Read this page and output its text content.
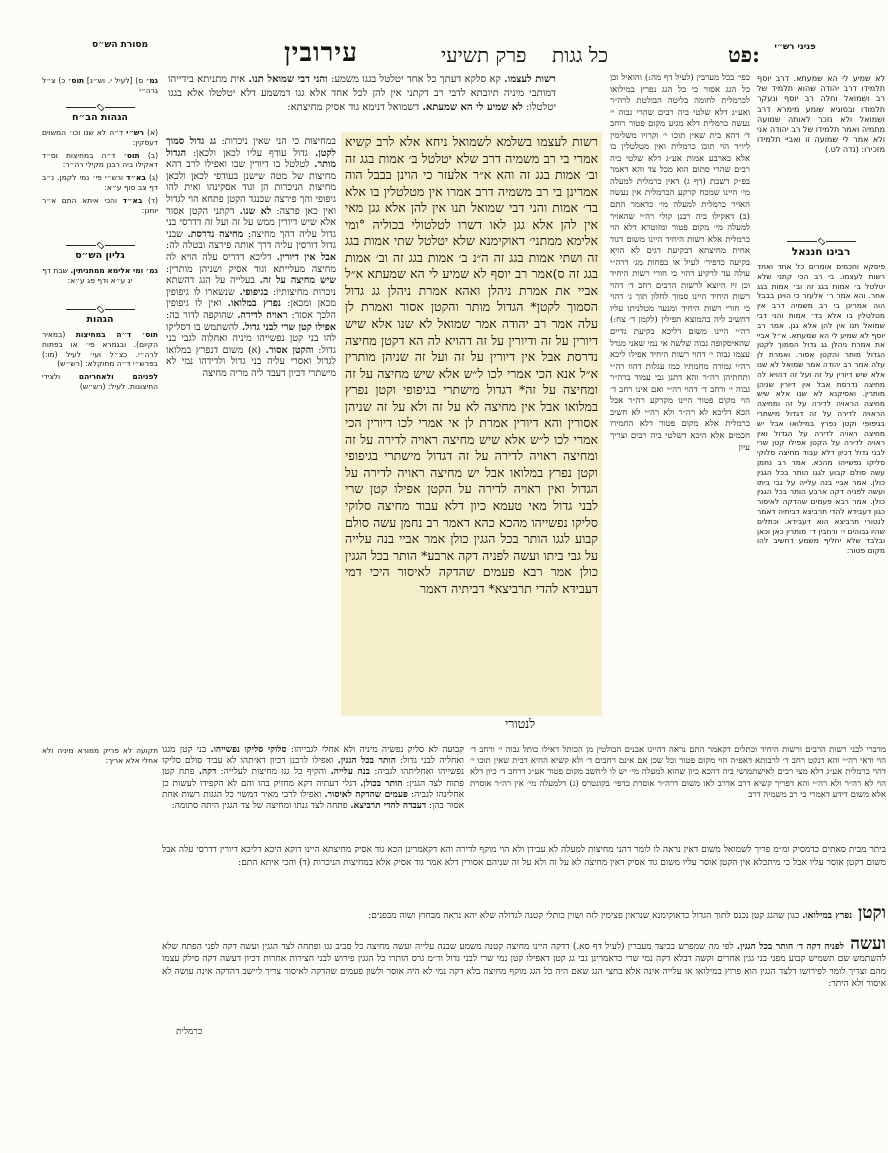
פט:
כל גגות
פרק תשיעי
עירובין	פניני רש״י
לא שמיע לי הא שמעתא. דרב יוסף תלמידו דרב יהודה שהוא תלמיד של רב ושמואל וחלה רב יוסף ונעקר תלמודו ובסוגיא שומע מימרא דרב ושמואל ולא נזכר לאותה שמועה מתמיה ואמר תלמידו של רב יהודה אני ולא אמר לי שמועה זו ואביי תלמידו מזכירו: (נדה לט.)
רבינו חננאל
פיסקא וחכמים אומרים כל אחד ואחד רשות לעצמו. בי רב הכי קתני שלא יטלטל ב׳ אמות בגג זה וב׳ אמות בגג אחר. והא אמר ר׳ אלעזר כי הוינן בבבל הוה אמרינן בי רב משמיה דרב אין מטלטלין בו אלא בד׳ אמות והני דבי שמואל תנו אין להן אלא גגן. אמר רב יוסף לא שמיע לי הא שמעתא. א״ל אביי את אמרת ניהלן גג גדול הסמוך לקטן הגדול מותר והקטן אסור. ואמרת לן עלה אמר רב יהודה אמר שמואל לא שנו אלא שיש דיורין על זה ועל זה דהויא לה מחיצה נדרסת אבל אין דיורין שניהן מותרין. ואסיקנא לא שנו אלא שיש מחיצה הראויה לדירה על זה ומחיצה הראויה לדירה על זה דגדול מישתרי בגיפופי וקטן נפרץ במילואו אבל יש מחיצה ראויה לדירה על הגדול ואין ראויה לדירה על הקטן אפילו קטן שרי לבני גדול דכיון דלא עבוד מחיצה סלוקי סליקו נפשייהו מהכא. אמר רב נחמן עשה סולם קבוע לגגו הותר בכל הגגין כולן. אמר אביי בנה עלייה על גבי ביתו ועשה לפניה דקה ארבע הותר בכל הגגין כולן. אמר רבא פעמים שהדקה לאיסור כגון דעבידא להדי תרביצא דביתיה דאמר לנטורי תרביצא הוא דעבידא. וכתלים שהיו גבוהים י׳ ורחבין ד׳ מותרין כאן וכאן ובלבד שלא יחליף משמע דחשיב להו מקום פטור:
כפי׳ בכל מערבין (לעיל דף מה:) והואיל וכן כל הגג אסור כי כל הגג נפרץ במילואו לכרמלית לחומה בליטה הבולטת לרה״ר ואע״ג דלא שלטי ביה רבים שהרי גבוה י׳ נעשה כרמלית דלא מגיע מקום פטור רוחב ד׳ דהא בית שאין תוכו י׳ וקרויו משלימין ליו״ד הוי תוכו כרמלית ואין מטלטלין בו אלא בארבע אמות אע״ג דלא שלטי ביה רבים שהרי סתום הוא מכל צד והא דאמר בפ״ק דשבת (דף ג) דאין כרמלית למעלה מי׳ היינו שמכח קרקע הכרמלית אין נעשה האויר כרמלית למעלה מי׳ כדאמר התם (ב) דאקילו ביה רבנן קולי רה״י שהאויר למעלה מי׳ מקום פטור ומזוטרא דלא הוי כרמלית אלא רשות היחיד היינו משום דגוד אחית מחיצתא דבקיעת דגים לא הויא בקיעה כדפיר׳ לעיל או בפחות מג׳ דרה״י עולה עד לרקיע דהוי כי חורי רשות היחיד וכן זיז היוצא לרשות הרבים רחב ד׳ דהוי רשות היחיד היינו סמוך לחלון תוך ג׳ דהוי כי חורי רשות היחיד ומנער מטלניתו עליו דחשיב ליה בהמוצא תפילין (לקמן ד׳ צח:) רה״י היינו משום דליכא בקיעת גדיים שהאיסקופה גבוה שלשה אי נמי שאני מגדל עצמו גבוה י׳ דהוי רשות היחיד אפילו ליכא רה״י גמורה מחמתיו כמו עגלות דהוו רה״י ותחתיהן רה״ר והא דתנן גבי עמוד ברה״ר גבוה י׳ ורחב ד׳ דהוי רה״י ואם אינו רחב ד׳ הוי מקום פטור היינו מקרקע רה״ר אבל הכא דליכא לא רה״ר ולא רה״י לא חשיב כרמלית אלא מקום פטור דלא החמירו חכמים אלא היכא דשלטי ביה רבים וצריך עיון
רשות לעצמו בשלמא לשמואל ניחא אלא לרב קשיא אמרי בי רב משמיה דרב שלא יטלטל ב׳ אמות בגג זה וב׳ אמות בגג זה והא א״ר אלעזר כי הוינן בבבל הוה אמרינן בי רב משמיה דרב אמרו אין מטלטלין בו אלא בד׳ אמות והני דבי שמואל תנו אין להן אלא גגן מאי אין להן אלא גגן לאו דשרו לטלטולי בכוליה °ומי אלימא ממתני׳ דאוקימנא שלא יטלטל שתי אמות בגג זה ושתי אמות בגג זה ה״נ ב׳ אמות בגג זה וב׳ אמות בגג זה ס)אמר רב יוסף לא שמיע לי הא שמעתא א״ל אביי את אמרת ניהלן ואהא אמרת ניהלן גג גדול הסמוך לקטן* הגדול מותר והקטן אסור ואמרת לן עלה אמר רב יהודה אמר שמואל לא שנו אלא שיש דיורין על זה ודיורין על זה דהויא לה הא דקטן מחיצה נדרסת אבל אין דיורין על זה ועל זה שניהן מותרין א״ל אנא הכי אמרי לכו ל״ש אלא שיש מחיצה על זה ומחיצה על זה* דגדול מישתרי בגיפופי וקטן נפרץ במלואו אבל אין מחיצה לא על זה ולא על זה שניהן אסורין והא דיורין אמרת לן אי אמרי לכו דיורין הכי אמרי לכו ל״ש אלא שיש מחיצה ראויה לדירה על זה ומחיצה ראויה לדירה על זה דגדול מישתרי בגיפופי וקטן נפרץ במלואו אבל יש מחיצה ראויה לדירה על הגדול ואין ראויה לדירה על הקטן אפילו קטן שרי לבני גדול מאי טעמא כיון דלא עבוד מחיצה סלוקי סליקו נפשייהו מהכא כהא דאמר רב נחמן עשה סולם קבוע לגגו הותר בכל הגגין כולן אמר אביי בנה עלייה על גבי ביתו ועשה לפניה דקה ארבע* הותר בכל הגגין כולן אמר רבא פעמים שהדקה לאיסור היכי דמי דעבידא להדי תרביצא* דביתיה דאמר
לנטורי
רשות לעצמו. קא סלקא דעתך כל אחד יטלטל בגגו משמע: והני דבי שמואל תנו. אית מתניתא בידייהו דמותבי מיניה תיובתא לדבי רב דקתני אין להן לכל אחד אלא גגו דמשמע דלא יטלטלו אלא בגגו יטלטלו: לא שמיע לי הא שמעתא. דשמואל דנימא גוד אסיק מחיצתא:
במחיצות כי הני שאין ניכרות: גג גדול סמוך לקטן. גדול עודף עליו לכאן ולכאן: הגדול מותר. לטלטל בו דיורין שבו ואפילו לרב דהא מחיצות של מטה שישנן בעודפי לכאן ולכאן מחיצות הניכרות הן וגוד אסקינהו ואית להו גיפופי והך פירצה שכנגד הקטן פתחא הוי לגדול ואין כאן פרצה: לא שנו. דקתני הקטן אסור אלא שיש דיורין ממש על זה ועל זה דדרסי בני גדול עליה דהך מחיצה: מחיצה נדרסת. שבני גדול דורסין עליה דרך אותה פירצה ובטלה לה: אבל אין דיורין. דליכא דדריס עלה הויא לה מחיצה מעלייתא וגוד אסיק ושניהן מותרין: שיש מחיצה על זה. בעלייה על הגג דהשתא ניכרות מחיצותיו: בגיפופי. שנשארו לו גיפופין מכאן ומכאן: נפרץ במלואו. ואין לו גיפופין הלכך אסור: ראויה לדירה. שהוקפה לדור בה: אפילו קטן שרי לבני גדול. להשתמש בו דסליקו להו בני קטן נפשייהו מיניה ואחלוה לגבי בני גדול: והקטן אסור. (א) משום דנפרץ במלואו לגדול ואסרי עליה בני גדול ולדידהו נמי לא מישתרי דכיון דעבד ליה מריה מחיצה
מסורת הש״ס
גמ׳ ס) [לעיל י. וש״נ] תוס׳ כ) צ״ל גרה״י
הגהות הב״ח

(א) רש״י ד״ה לא שנו וכו׳ המשוים דעסקין:

(ב) תוס׳ ד״ה במחיצות וס״ד דאקילו ביה רבנן מקילי רה״ר:

(ג) בא״ד ורש״י פי׳ נמי לקמן. נ״ב דף צב סוף ע״א:

(ד) בא״ד והכי איתא התם א״ר יוחנן:

גליון הש״ס
גמ׳ ומי אלימא ממתניתין. שבת דף יג ע״א ודף פג ע״א:
הגהות

תוס׳ ד״ה במחיצות (במאיר הקיום). ובגמרא פי׳ או בפתוח לרה״י. כצ״ל ועי׳ לעיל (מו:) בפרש״י ד״ה מחוקלא: (רש״ש)

לפניהם ולאחריהם ולצידי החיצונות. לעיל: (רש״ש)

תקועה לא פריק ממורא מיניה ולא אחלי אלא אריך:
קבועה לא סליק נפשיה מיניה ולא אחלי לגבייהו: סלוקי סליקו נפשייהו. בני קטן מגגו ואחליה לבני גדול: הותר בכל הגגין. ואפילו לרבנן דכיון דאיתהו לא עביד סולם סליקו נפשייהו ואחליתהו לגביה: בנה עלייה. והקיף כל גגו מחיצות לעלייה: דקה. פתח קטן פתוח לצד הגגין: הותר בכולן. דגלי דעתיה דקא מחזיק בהו והם לא הקפידו לעשות כן אחלינהו לגביה: פעמים שהדקה לאיסור. ואפילו לרבי מאיר דמשוי כל הגגות רשות אחת אסור בהן: דעבדה להדי תרביצא. פתחה לצד גנתו ומחיצה של צד הגגין היתה סתומה:
מדברי לבני רשות הרבים ורשות היחיד וכתלים דקאמר התם נראה דהיינו אבנים הבולטין מן הכותל דאילו כותל גבוה י׳ ורחב ד׳ הוי ודאי רה״י והא דנקט רחב ד׳ לרבותא דאפ״ה הוי מקום פטור וכל שכן אם אינם רחבים ד׳ ולא קשיא ההיא דבית שאין תוכו י׳ דהוי כרמלית אע״ג דלא מצי רבים לאישתמושי ביה דהכא כיון שהוא למעלה מי׳ יש לו ליחשב מקום פטור אע״ג דרחב ד׳ כיון דלא הוי לא רה״ר ולא רה״י והא דפריך קשיא דרב אדרב לאו משום דרה״ר אוסרת כדפי׳ בקונטרס (ג) דלמעלה מי׳ אין רה״ר אוסרת אלא משום דידע דאמרי בי רב משמיה דרב
ביתר מבית סאתים כדמסיק ומ״מ פריך לשמואל משום דאין נראה לו לומר דהני מחיצות למעלה לא עבידן ולא הוי מוקף לדירה והא דקאמרינן הכא גוד אסיק מחיצתא היינו דוקא היכא דליכא דיורין דדרסי עלה אבל משום דקטן אוסר עליו אבל כי מיתכלא אין הקטן אוסר עליו משום גוד אסיק דאין מחיצה לא על זה ולא על זה שניהם אסורין דלא אמר גוד אסיק אלא במחיצות הניכרות (ד) והכי איתא התם:
וקטן נפרץ במילואו. כגון שהגג קטן נכנס לתוך הגדול כדאוקימנא שנראין פצימין לזה ושוין כותלי קטנה לגדולה שלא יהא נראה מבחוץ ושוה מבפנים:
ועשה לפניה דקה ד׳ הותר בכל הגגין. לפי מה שמפרש בכיצד מעברין (לעיל דף סא.) דדקה היינו מחיצה קטנה משמע שבנה עלייה ועשה מחיצה כל סביב גגו ופתחה לצד הגגין ועשה דקה לפני הפתח שלא להשתמש שם תשמיש קבוע מפני בני גגין אחרים וקשה דבלא דקה נמי שרי כדאמרינן גבי גג קטן דאפילו קטן נמי שרי לבני גדול ור״מ גרס הותרו כל הגגין פירוש לבני חצירות אחרות דכיון דעשה דקה סילק עצמו מהם וצריך לומר לפירושו דלצד הגגין הוא פרוץ במילואו או עלייה אינה אלא בחצי הגג שאם היה כל הגג מוקף מחיצה בלא דקה נמי לא היה אוסר ולשון פעמים שהדקה לאיסור צריך ליישב דהדקה אינה עושה לא איסור ולא היתר:
כרמלית
